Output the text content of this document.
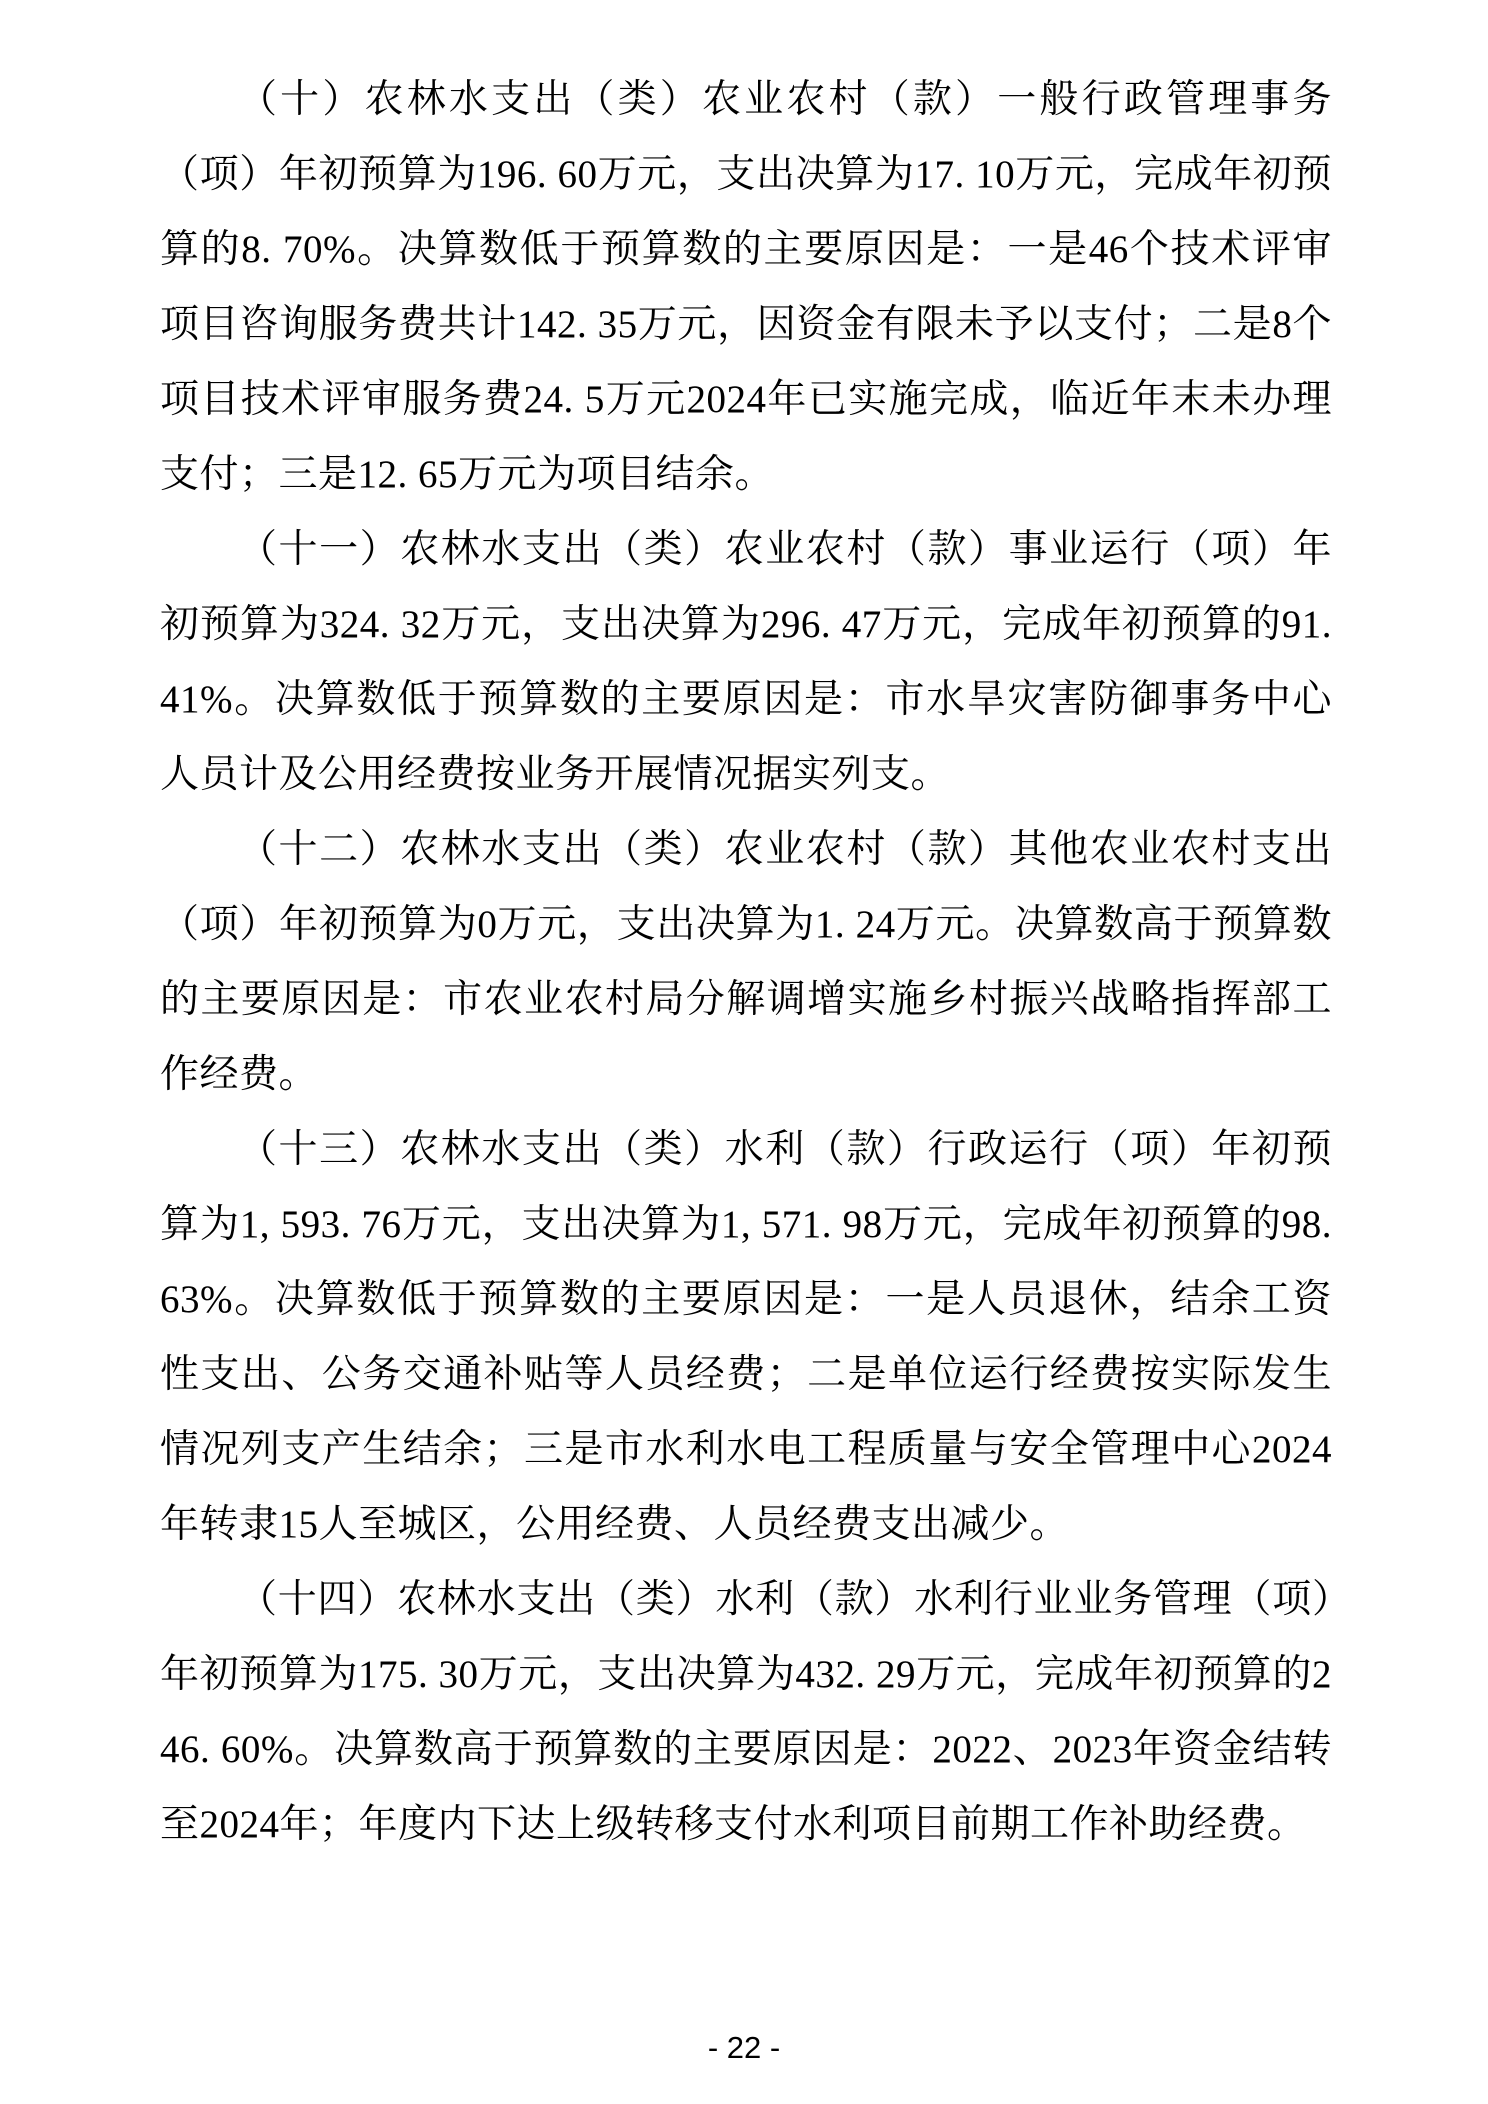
（十）农林水支出（类）农业农村（款）一般行政管理事务（项）年初预算为196. 60万元，支出决算为17. 10万元，完成年初预算的8. 70%。决算数低于预算数的主要原因是：一是46个技术评审项目咨询服务费共计142. 35万元，因资金有限未予以支付；二是8个项目技术评审服务费24. 5万元2024年已实施完成，临近年末未办理支付；三是12. 65万元为项目结余。

（十一）农林水支出（类）农业农村（款）事业运行（项）年初预算为324. 32万元，支出决算为296. 47万元，完成年初预算的91. 41%。决算数低于预算数的主要原因是：市水旱灾害防御事务中心人员计及公用经费按业务开展情况据实列支。

（十二）农林水支出（类）农业农村（款）其他农业农村支出（项）年初预算为0万元，支出决算为1. 24万元。决算数高于预算数的主要原因是：市农业农村局分解调增实施乡村振兴战略指挥部工作经费。

（十三）农林水支出（类）水利（款）行政运行（项）年初预算为1, 593. 76万元，支出决算为1, 571. 98万元，完成年初预算的98. 63%。决算数低于预算数的主要原因是：一是人员退休，结余工资性支出、公务交通补贴等人员经费；二是单位运行经费按实际发生情况列支产生结余；三是市水利水电工程质量与安全管理中心2024年转隶15人至城区，公用经费、人员经费支出减少。

（十四）农林水支出（类）水利（款）水利行业业务管理（项）年初预算为175. 30万元，支出决算为432. 29万元，完成年初预算的246. 60%。决算数高于预算数的主要原因是：2022、2023年资金结转至2024年；年度内下达上级转移支付水利项目前期工作补助经费。

- 22 -
